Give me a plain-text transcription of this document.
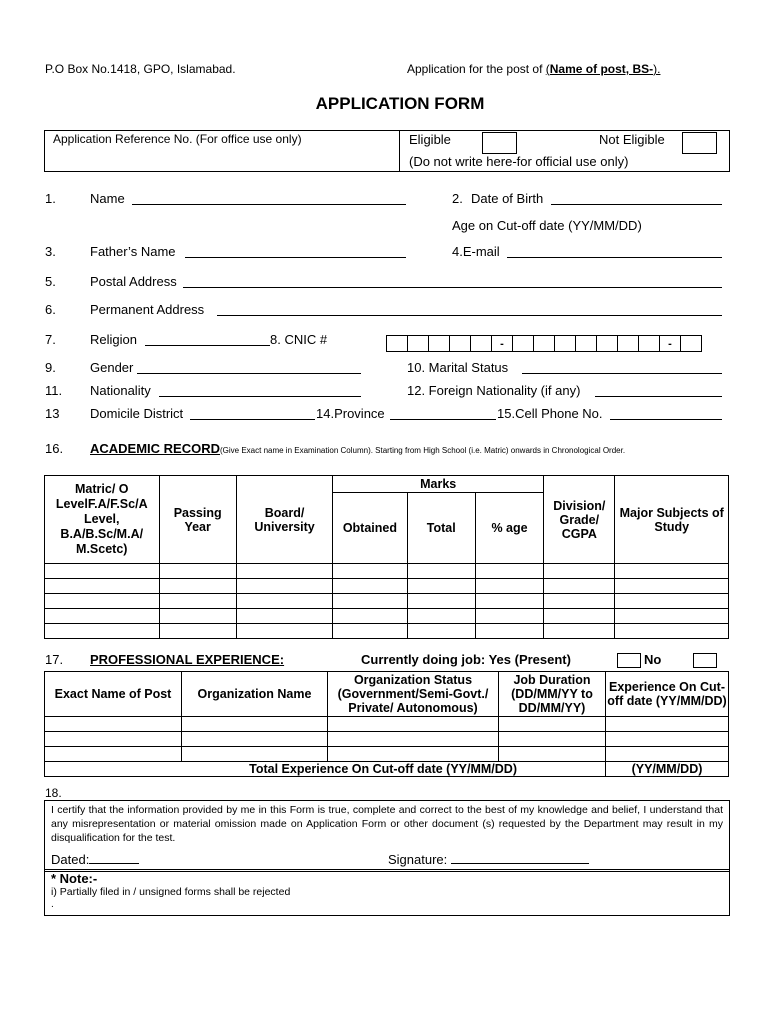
P.O Box No.1418, GPO, Islamabad.	Application for the post of (Name of post, BS-).
APPLICATION FORM
Application Reference No. (For office use only)	Eligible	Not Eligible
(Do not write here-for official use only)
1.	Name	2. Date of Birth
Age on Cut-off date (YY/MM/DD)
3.	Father’s Name	4.E-mail
5.	Postal Address
6.	Permanent Address
7.	Religion	8. CNIC #
						-								-	
9.	Gender	10. Marital Status
11. Nationality	12. Foreign Nationality (if any)
13 Domicile District	14.Province	15.Cell Phone No.
16. ACADEMIC RECORD(Give Exact name in Examination Column). Starting from High School (i.e. Matric) onwards in Chronological Order.
Matric/ O LevelF.A/F.Sc/A Level, B.A/B.Sc/M.A/ M.Scetc)	Passing Year	Board/ University	Marks			Division/ Grade/ CGPA	Major Subjects of Study
			Obtained	Total	% age		

17. PROFESSIONAL EXPERIENCE:	Currently doing job: Yes (Present)	No
Exact Name of Post	Organization Name	Organization Status (Government/Semi-Govt./ Private/ Autonomous)	Job Duration (DD/MM/YY to DD/MM/YY)	Experience On Cut-off date (YY/MM/DD)

Total Experience On Cut-off date (YY/MM/DD)				(YY/MM/DD)
18.
I certify that the information provided by me in this Form is true, complete and correct to the best of my knowledge and belief, I understand that any misrepresentation or material omission made on Application Form or other document (s) requested by the Department may result in my disqualification for the test.
Dated:	Signature:
* Note:-
i) Partially filed in / unsigned forms shall be rejected
.
